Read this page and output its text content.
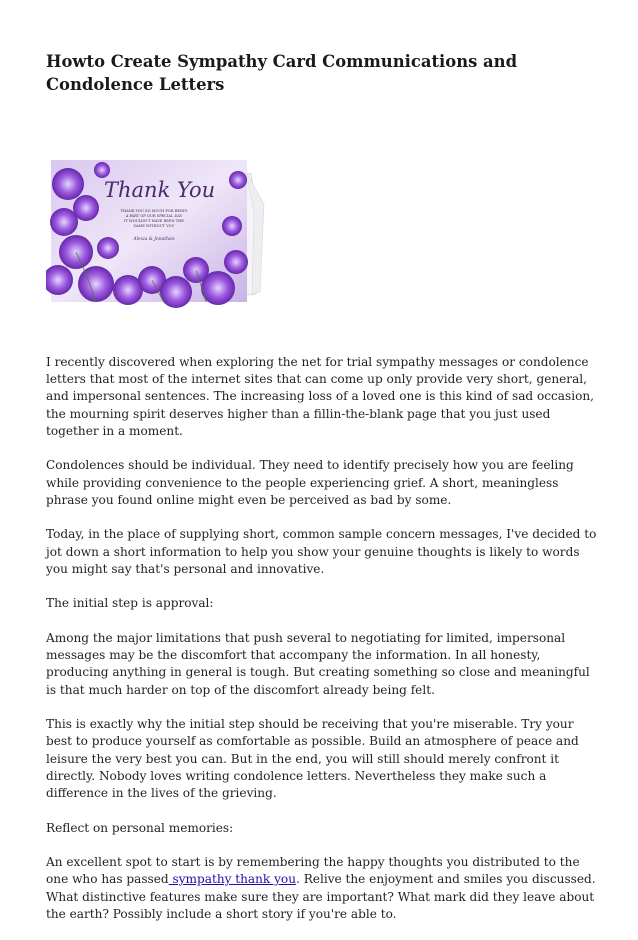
Howto Create Sympathy Card Communications and Condolence Letters
Thank You
THANK YOU SO MUCH FOR BEING
A PART OF OUR SPECIAL DAY
IT WOULDN'T HAVE BEEN THE
SAME WITHOUT YOU
Alexia & Jonathan

I recently discovered when exploring the net for trial sympathy messages or condolence letters that most of the internet sites that can come up only provide very short, general, and impersonal sentences. The increasing loss of a loved one is this kind of sad occasion, the mourning spirit deserves higher than a fillin-the-blank page that you just used together in a moment.

Condolences should be individual. They need to identify precisely how you are feeling while providing convenience to the people experiencing grief. A short, meaningless phrase you found online might even be perceived as bad by some.

Today, in the place of supplying short, common sample concern messages, I've decided to jot down a short information to help you show your genuine thoughts is likely to words you might say that's personal and innovative.

The initial step is approval:

Among the major limitations that push several to negotiating for limited, impersonal messages may be the discomfort that accompany the information. In all honesty, producing anything in general is tough. But creating something so close and meaningful is that much harder on top of the discomfort already being felt.

This is exactly why the initial step should be receiving that you're miserable. Try your best to produce yourself as comfortable as possible. Build an atmosphere of peace and leisure the very best you can. But in the end, you will still should merely confront it directly. Nobody loves writing condolence letters. Nevertheless they make such a difference in the lives of the grieving.

Reflect on personal memories:

An excellent spot to start is by remembering the happy thoughts you distributed to the one who has passed sympathy thank you. Relive the enjoyment and smiles you discussed. What distinctive features make sure they are important? What mark did they leave about the earth? Possibly include a short story if you're able to.
